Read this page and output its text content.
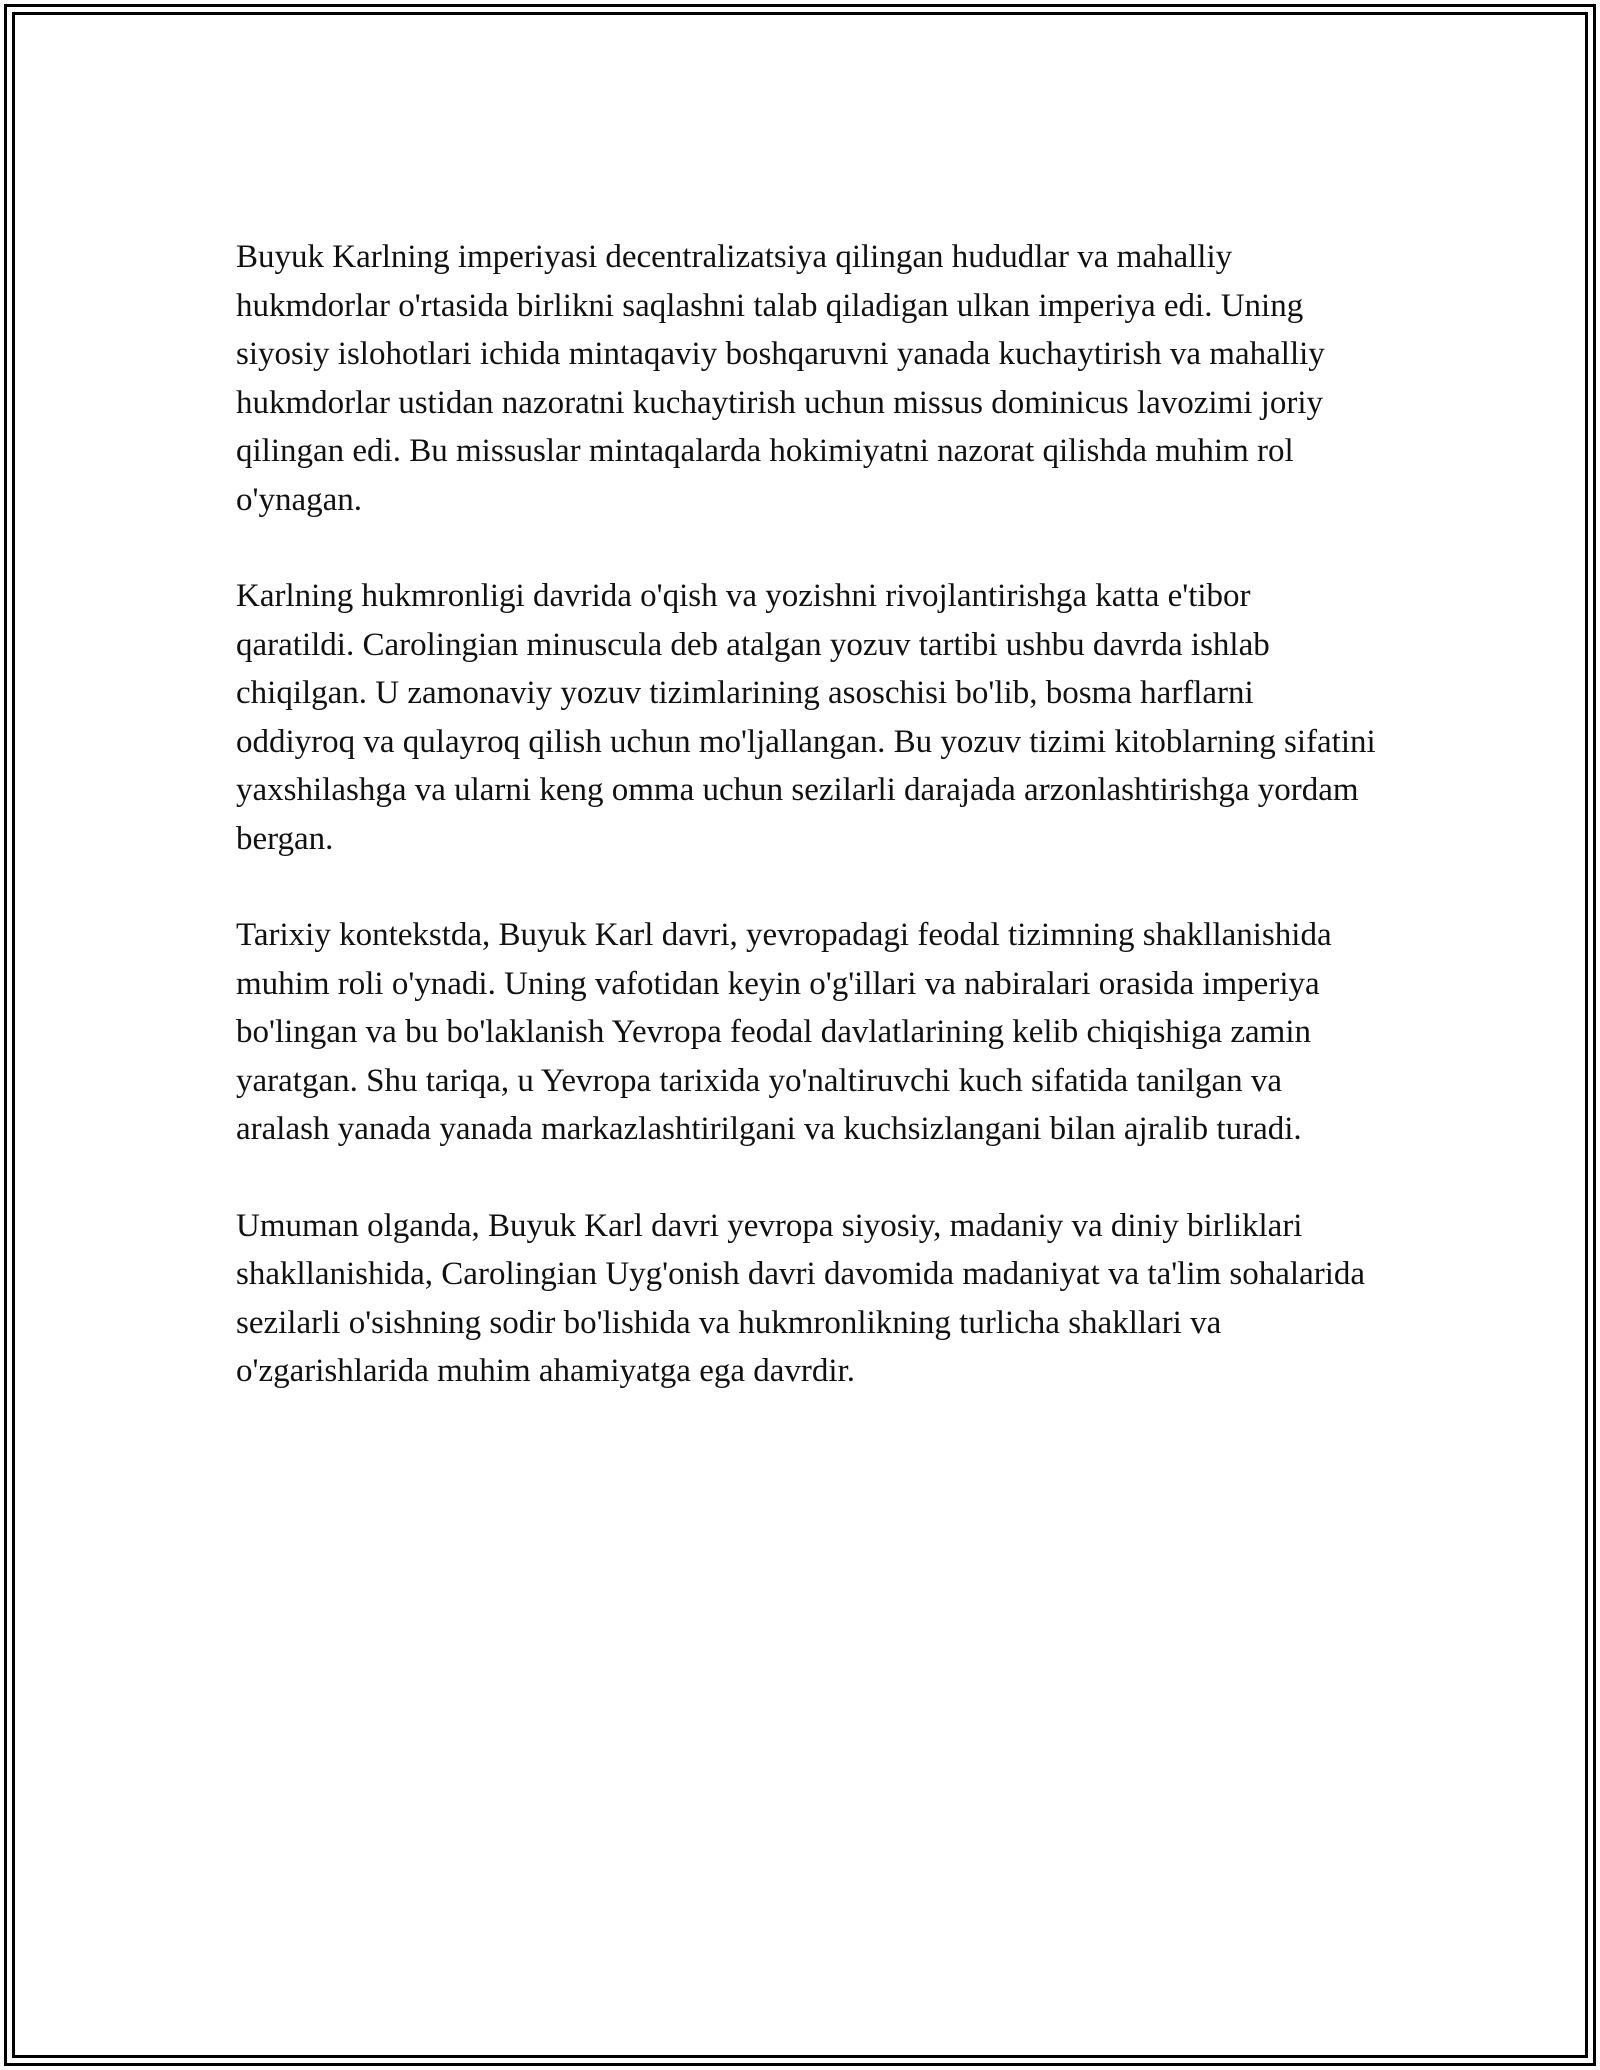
Buyuk Karlning imperiyasi decentralizatsiya qilingan hududlar va mahalliy hukmdorlar o'rtasida birlikni saqlashni talab qiladigan ulkan imperiya edi. Uning siyosiy islohotlari ichida mintaqaviy boshqaruvni yanada kuchaytirish va mahalliy hukmdorlar ustidan nazoratni kuchaytirish uchun missus dominicus lavozimi joriy qilingan edi. Bu missuslar mintaqalarda hokimiyatni nazorat qilishda muhim rol o'ynagan.

Karlning hukmronligi davrida o'qish va yozishni rivojlantirishga katta e'tibor qaratildi. Carolingian minuscula deb atalgan yozuv tartibi ushbu davrda ishlab chiqilgan. U zamonaviy yozuv tizimlarining asoschisi bo'lib, bosma harflarni oddiyroq va qulayroq qilish uchun mo'ljallangan. Bu yozuv tizimi kitoblarning sifatini yaxshilashga va ularni keng omma uchun sezilarli darajada arzonlashtirishga yordam bergan.

Tarixiy kontekstda, Buyuk Karl davri, yevropadagi feodal tizimning shakllanishida muhim roli o'ynadi. Uning vafotidan keyin o'g'illari va nabiralari orasida imperiya bo'lingan va bu bo'laklanish Yevropa feodal davlatlarining kelib chiqishiga zamin yaratgan. Shu tariqa, u Yevropa tarixida yo'naltiruvchi kuch sifatida tanilgan va aralash yanada yanada markazlashtirilgani va kuchsizlangani bilan ajralib turadi.

Umuman olganda, Buyuk Karl davri yevropa siyosiy, madaniy va diniy birliklari shakllanishida, Carolingian Uyg'onish davri davomida madaniyat va ta'lim sohalarida sezilarli o'sishning sodir bo'lishida va hukmronlikning turlicha shakllari va o'zgarishlarida muhim ahamiyatga ega davrdir.
